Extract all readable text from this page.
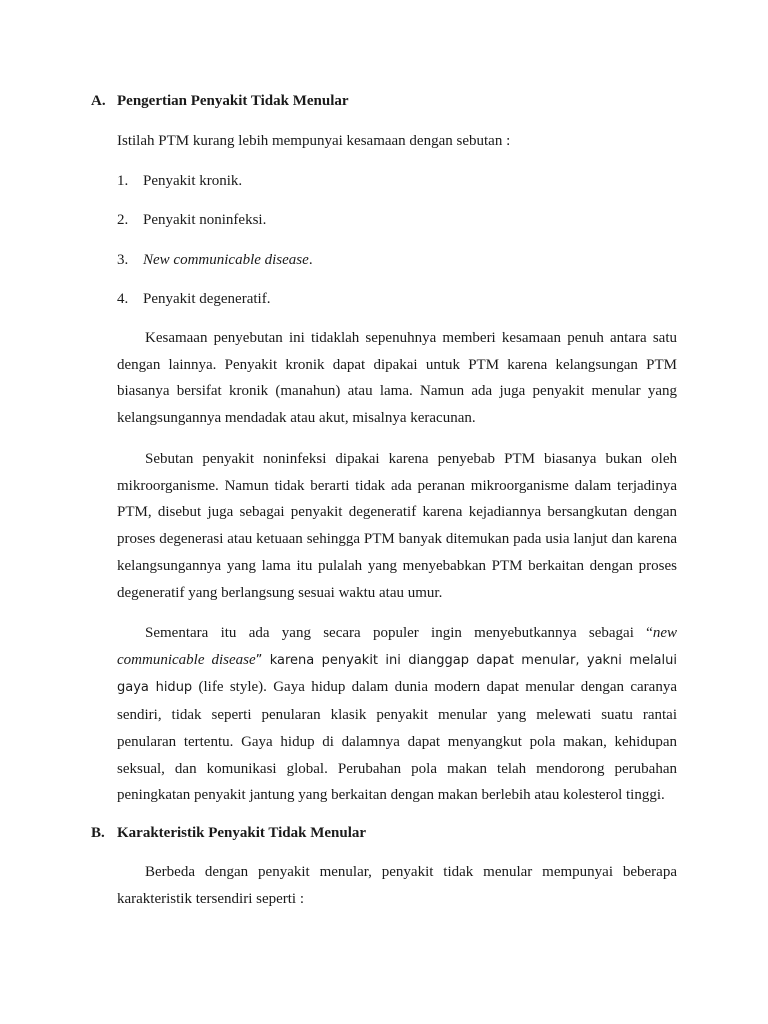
A. Pengertian Penyakit Tidak Menular
Istilah PTM kurang lebih mempunyai kesamaan dengan sebutan :
1. Penyakit kronik.
2. Penyakit noninfeksi.
3. New communicable disease.
4. Penyakit degeneratif.

Kesamaan penyebutan ini tidaklah sepenuhnya memberi kesamaan penuh antara satu dengan lainnya. Penyakit kronik dapat dipakai untuk PTM karena kelangsungan PTM biasanya bersifat kronik (manahun) atau lama. Namun ada juga penyakit menular yang kelangsungannya mendadak atau akut, misalnya keracunan.

Sebutan penyakit noninfeksi dipakai karena penyebab PTM biasanya bukan oleh mikroorganisme. Namun tidak berarti tidak ada peranan mikroorganisme dalam terjadinya PTM, disebut juga sebagai penyakit degeneratif karena kejadiannya bersangkutan dengan proses degenerasi atau ketuaan sehingga PTM banyak ditemukan pada usia lanjut dan karena kelangsungannya yang lama itu pulalah yang menyebabkan PTM berkaitan dengan proses degeneratif yang berlangsung sesuai waktu atau umur.

Sementara itu ada yang secara populer ingin menyebutkannya sebagai “new communicable disease” karena penyakit ini dianggap dapat menular, yakni melalui gaya hidup (life style). Gaya hidup dalam dunia modern dapat menular dengan caranya sendiri, tidak seperti penularan klasik penyakit menular yang melewati suatu rantai penularan tertentu. Gaya hidup di dalamnya dapat menyangkut pola makan, kehidupan seksual, dan komunikasi global. Perubahan pola makan telah mendorong perubahan peningkatan penyakit jantung yang berkaitan dengan makan berlebih atau kolesterol tinggi.

B. Karakteristik Penyakit Tidak Menular

Berbeda dengan penyakit menular, penyakit tidak menular mempunyai beberapa karakteristik tersendiri seperti :
